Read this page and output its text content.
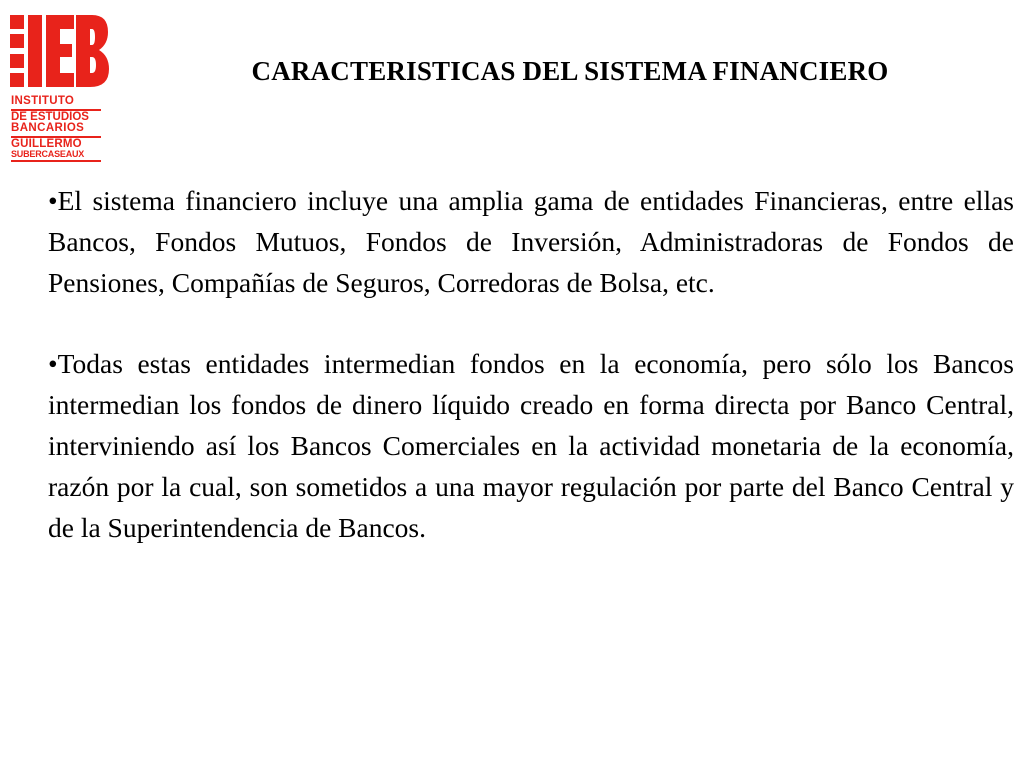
INSTITUTO
DE ESTUDIOS
BANCARIOS
GUILLERMO
SUBERCASEAUX
CARACTERISTICAS DEL SISTEMA FINANCIERO

•El sistema financiero incluye una amplia gama de entidades Financieras, entre ellas Bancos, Fondos Mutuos, Fondos de Inversión, Administradoras de Fondos de Pensiones, Compañías de Seguros, Corredoras de Bolsa, etc.

•Todas estas entidades intermedian fondos en la economía, pero sólo los Bancos intermedian los fondos de dinero líquido creado en forma directa por Banco Central, interviniendo así los Bancos Comerciales en la actividad monetaria de la economía, razón por la cual, son sometidos a una mayor regulación por parte del Banco Central y de la Superintendencia de Bancos.
